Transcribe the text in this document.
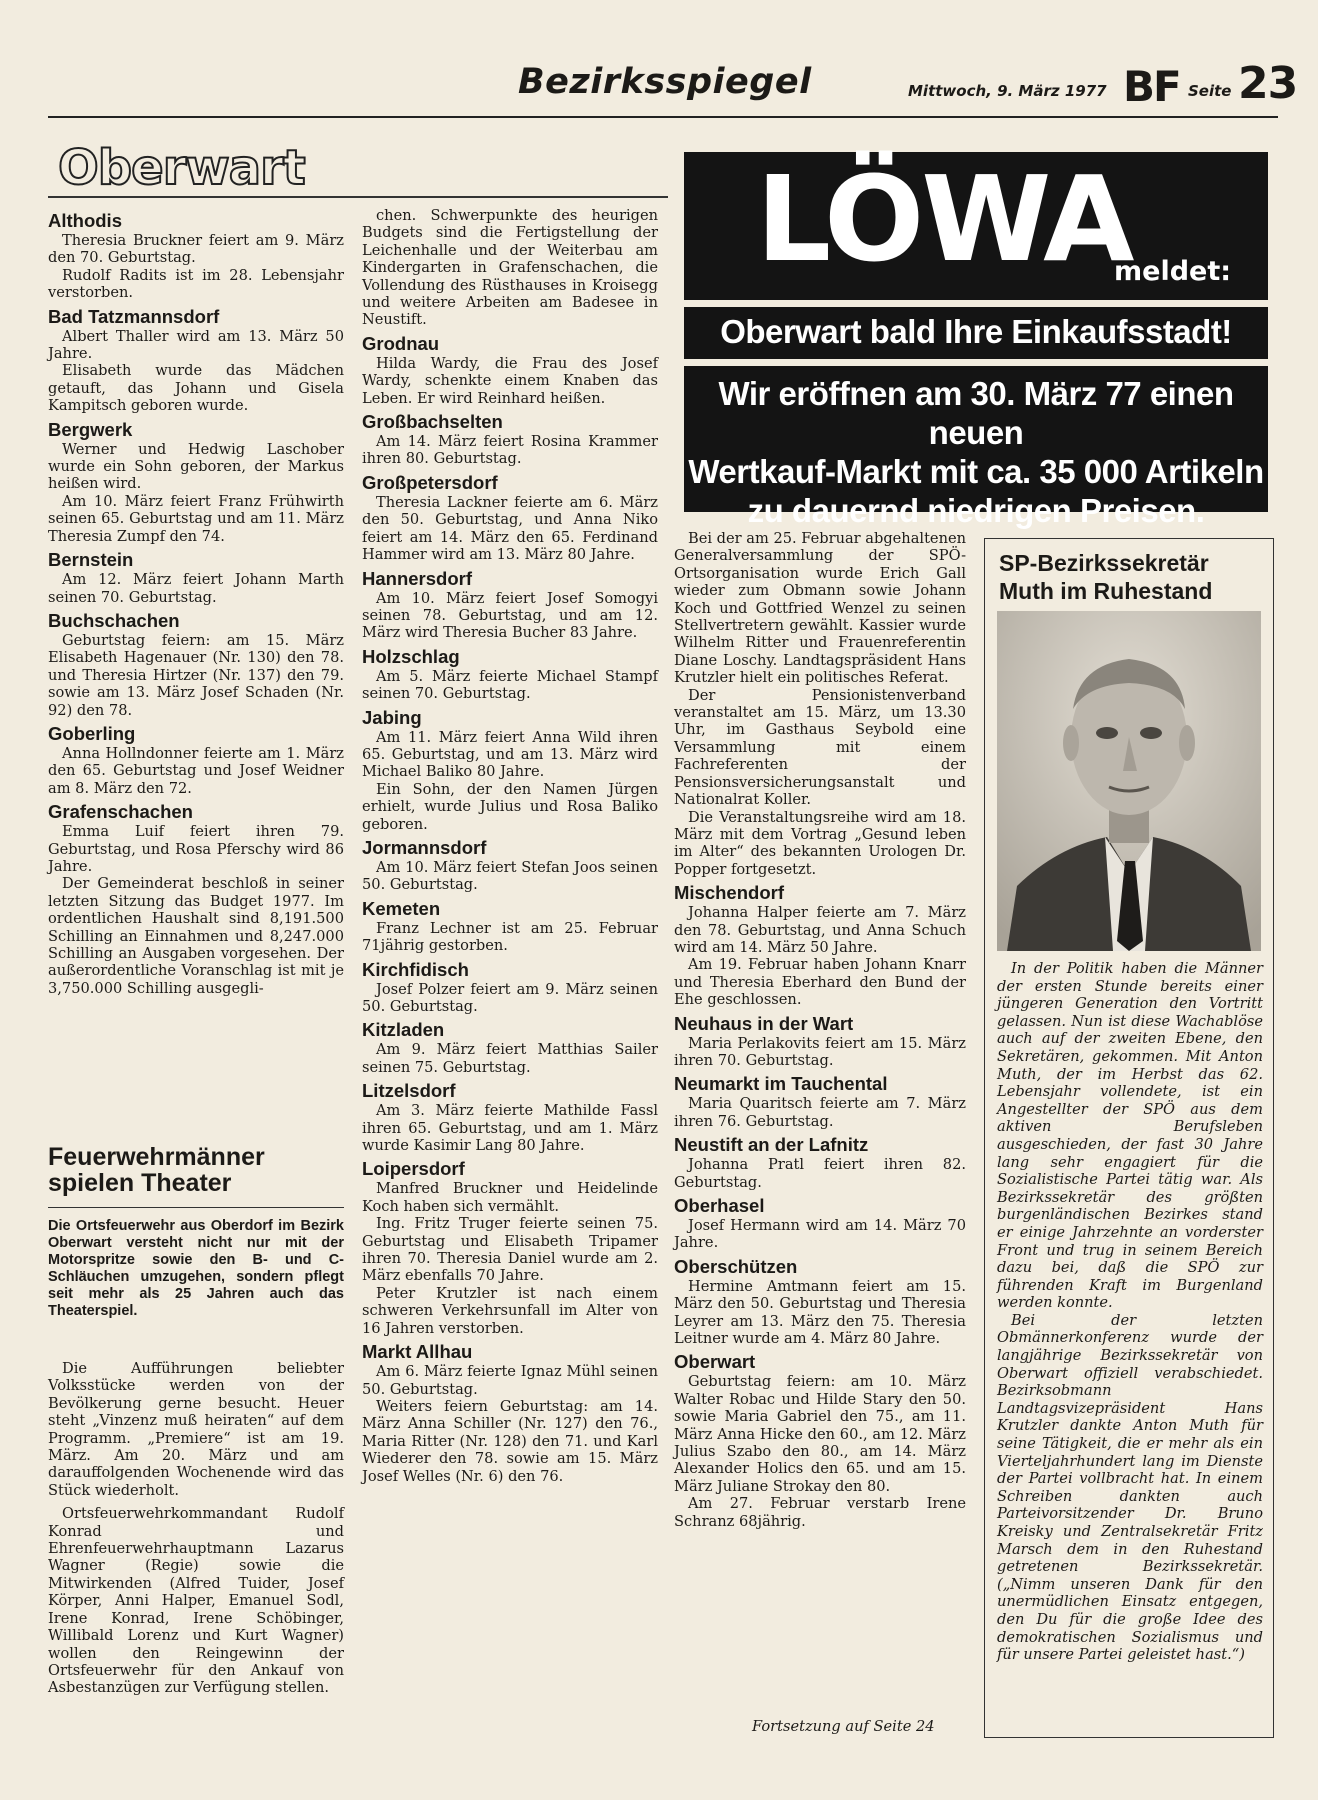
Bezirksspiegel	Mittwoch, 9. März 1977 BF Seite 23
Oberwart
Althodis

Theresia Bruckner feiert am 9. März den 70. Geburtstag.

Rudolf Radits ist im 28. Lebensjahr verstorben.

Bad Tatzmannsdorf

Albert Thaller wird am 13. März 50 Jahre.

Elisabeth wurde das Mädchen getauft, das Johann und Gisela Kampitsch geboren wurde.

Bergwerk

Werner und Hedwig Laschober wurde ein Sohn geboren, der Markus heißen wird.

Am 10. März feiert Franz Frühwirth seinen 65. Geburtstag und am 11. März Theresia Zumpf den 74.

Bernstein

Am 12. März feiert Johann Marth seinen 70. Geburtstag.

Buchschachen

Geburtstag feiern: am 15. März Elisabeth Hagenauer (Nr. 130) den 78. und Theresia Hirtzer (Nr. 137) den 79. sowie am 13. März Josef Schaden (Nr. 92) den 78.

Goberling

Anna Hollndonner feierte am 1. März den 65. Geburtstag und Josef Weidner am 8. März den 72.

Grafenschachen

Emma Luif feiert ihren 79. Geburtstag, und Rosa Pferschy wird 86 Jahre.

Der Gemeinderat beschloß in seiner letzten Sitzung das Budget 1977. Im ordentlichen Haushalt sind 8,191.500 Schilling an Einnahmen und 8,247.000 Schilling an Ausgaben vorgesehen. Der außerordentliche Voranschlag ist mit je 3,750.000 Schilling ausgegli-

chen. Schwerpunkte des heurigen Budgets sind die Fertigstellung der Leichenhalle und der Weiterbau am Kindergarten in Grafenschachen, die Vollendung des Rüsthauses in Kroisegg und weitere Arbeiten am Badesee in Neustift.

Grodnau

Hilda Wardy, die Frau des Josef Wardy, schenkte einem Knaben das Leben. Er wird Reinhard heißen.

Großbachselten

Am 14. März feiert Rosina Krammer ihren 80. Geburtstag.

Großpetersdorf

Theresia Lackner feierte am 6. März den 50. Geburtstag, und Anna Niko feiert am 14. März den 65. Ferdinand Hammer wird am 13. März 80 Jahre.

Hannersdorf

Am 10. März feiert Josef Somogyi seinen 78. Geburtstag, und am 12. März wird Theresia Bucher 83 Jahre.

Holzschlag

Am 5. März feierte Michael Stampf seinen 70. Geburtstag.

Jabing

Am 11. März feiert Anna Wild ihren 65. Geburtstag, und am 13. März wird Michael Baliko 80 Jahre.

Ein Sohn, der den Namen Jürgen erhielt, wurde Julius und Rosa Baliko geboren.

Jormannsdorf

Am 10. März feiert Stefan Joos seinen 50. Geburtstag.

Kemeten

Franz Lechner ist am 25. Februar 71jährig gestorben.

Kirchfidisch

Josef Polzer feiert am 9. März seinen 50. Geburtstag.

Kitzladen

Am 9. März feiert Matthias Sailer seinen 75. Geburtstag.

Litzelsdorf

Am 3. März feierte Mathilde Fassl ihren 65. Geburtstag, und am 1. März wurde Kasimir Lang 80 Jahre.

Loipersdorf

Manfred Bruckner und Heidelinde Koch haben sich vermählt.

Ing. Fritz Truger feierte seinen 75. Geburtstag und Elisabeth Tripamer ihren 70. Theresia Daniel wurde am 2. März ebenfalls 70 Jahre.

Peter Krutzler ist nach einem schweren Verkehrsunfall im Alter von 16 Jahren verstorben.

Markt Allhau

Am 6. März feierte Ignaz Mühl seinen 50. Geburtstag.

Weiters feiern Geburtstag: am 14. März Anna Schiller (Nr. 127) den 76., Maria Ritter (Nr. 128) den 71. und Karl Wiederer den 78. sowie am 15. März Josef Welles (Nr. 6) den 76.

Bei der am 25. Februar abgehaltenen Generalversammlung der SPÖ-Ortsorganisation wurde Erich Gall wieder zum Obmann sowie Johann Koch und Gottfried Wenzel zu seinen Stellvertretern gewählt. Kassier wurde Wilhelm Ritter und Frauenreferentin Diane Loschy. Landtagspräsident Hans Krutzler hielt ein politisches Referat.

Der Pensionistenverband veranstaltet am 15. März, um 13.30 Uhr, im Gasthaus Seybold eine Versammlung mit einem Fachreferenten der Pensionsversicherungsanstalt und Nationalrat Koller.

Die Veranstaltungsreihe wird am 18. März mit dem Vortrag „Gesund leben im Alter“ des bekannten Urologen Dr. Popper fortgesetzt.

Mischendorf

Johanna Halper feierte am 7. März den 78. Geburtstag, und Anna Schuch wird am 14. März 50 Jahre.

Am 19. Februar haben Johann Knarr und Theresia Eberhard den Bund der Ehe geschlossen.

Neuhaus in der Wart

Maria Perlakovits feiert am 15. März ihren 70. Geburtstag.

Neumarkt im Tauchental

Maria Quaritsch feierte am 7. März ihren 76. Geburtstag.

Neustift an der Lafnitz

Johanna Pratl feiert ihren 82. Geburtstag.

Oberhasel

Josef Hermann wird am 14. März 70 Jahre.

Oberschützen

Hermine Amtmann feiert am 15. März den 50. Geburtstag und Theresia Leyrer am 13. März den 75. Theresia Leitner wurde am 4. März 80 Jahre.

Oberwart

Geburtstag feiern: am 10. März Walter Robac und Hilde Stary den 50. sowie Maria Gabriel den 75., am 11. März Anna Hicke den 60., am 12. März Julius Szabo den 80., am 14. März Alexander Holics den 65. und am 15. März Juliane Strokay den 80.

Am 27. Februar verstarb Irene Schranz 68jährig.

Feuerwehrmänner spielen Theater
Die Ortsfeuerwehr aus Oberdorf im Bezirk Oberwart versteht nicht nur mit der Motorspritze sowie den B- und C-Schläuchen umzugehen, sondern pflegt seit mehr als 25 Jahren auch das Theaterspiel.

Die Aufführungen beliebter Volksstücke werden von der Bevölkerung gerne besucht. Heuer steht „Vinzenz muß heiraten“ auf dem Programm. „Premiere“ ist am 19. März. Am 20. März und am darauffolgenden Wochenende wird das Stück wiederholt.

Ortsfeuerwehrkommandant Rudolf Konrad und Ehrenfeuerwehrhauptmann Lazarus Wagner (Regie) sowie die Mitwirkenden (Alfred Tuider, Josef Körper, Anni Halper, Emanuel Sodl, Irene Konrad, Irene Schöbinger, Willibald Lorenz und Kurt Wagner) wollen den Reingewinn der Ortsfeuerwehr für den Ankauf von Asbestanzügen zur Verfügung stellen.

LÖWA
meldet:
Oberwart bald Ihre Einkaufsstadt!
Wir eröffnen am 30. März 77 einen neuen
Wertkauf-Markt mit ca. 35 000 Artikeln
zu dauernd niedrigen Preisen.
SP-Bezirkssekretär Muth im Ruhestand

In der Politik haben die Männer der ersten Stunde bereits einer jüngeren Generation den Vortritt gelassen. Nun ist diese Wachablöse auch auf der zweiten Ebene, den Sekretären, gekommen. Mit Anton Muth, der im Herbst das 62. Lebensjahr vollendete, ist ein Angestellter der SPÖ aus dem aktiven Berufsleben ausgeschieden, der fast 30 Jahre lang sehr engagiert für die Sozialistische Partei tätig war. Als Bezirkssekretär des größten burgenländischen Bezirkes stand er einige Jahrzehnte an vorderster Front und trug in seinem Bereich dazu bei, daß die SPÖ zur führenden Kraft im Burgenland werden konnte.

Bei der letzten Obmännerkonferenz wurde der langjährige Bezirkssekretär von Oberwart offiziell verabschiedet. Bezirksobmann Landtagsvizepräsident Hans Krutzler dankte Anton Muth für seine Tätigkeit, die er mehr als ein Vierteljahrhundert lang im Dienste der Partei vollbracht hat. In einem Schreiben dankten auch Parteivorsitzender Dr. Bruno Kreisky und Zentralsekretär Fritz Marsch dem in den Ruhestand getretenen Bezirkssekretär. („Nimm unseren Dank für den unermüdlichen Einsatz entgegen, den Du für die große Idee des demokratischen Sozialismus und für unsere Partei geleistet hast.“)

Fortsetzung auf Seite 24
